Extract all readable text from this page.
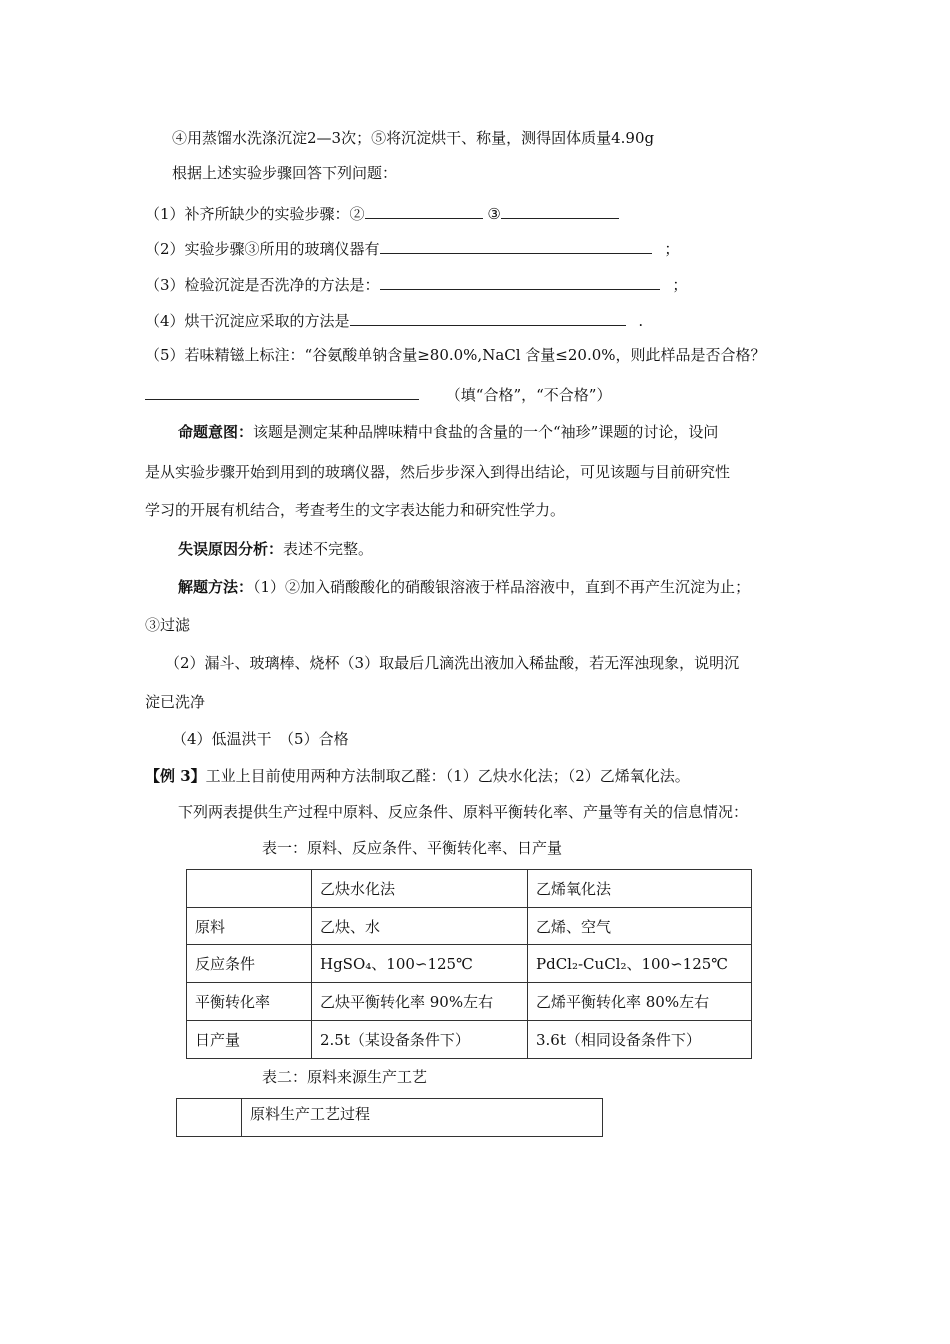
④用蒸馏水洗涤沉淀2—3次；⑤将沉淀烘干、称量，测得固体质量4.90g
根据上述实验步骤回答下列问题：
（1）补齐所缺少的实验步骤：②	③
（2）实验步骤③所用的玻璃仪器有	；
（3）检验沉淀是否洗净的方法是：	；
（4）烘干沉淀应采取的方法是	.
（5）若味精镃上标注：“谷氨酸单钠含量≥80.0%,NaCl 含量≤20.0%，则此样品是否合格？
（填“合格”，“不合格”）
命题意图：该题是测定某种品牌味精中食盐的含量的一个“袖珍”课题的讨论，设问
是从实验步骤开始到用到的玻璃仪器，然后步步深入到得出结论，可见该题与目前研究性
学习的开展有机结合，考查考生的文字表达能力和研究性学力。
失误原因分析：表述不完整。
解题方法：（1）②加入硝酸酸化的硝酸银溶液于样品溶液中，直到不再产生沉淀为止；
③过滤
（2）漏斗、玻璃棒、烧杯（3）取最后几滴洗出液加入稀盐酸，若无浑浊现象，说明沉
淀已洗净
（4）低温洪干　（5）合格
【例 3】工业上目前使用两种方法制取乙醛：（1）乙炔水化法；（2）乙烯氧化法。
下列两表提供生产过程中原料、反应条件、原料平衡转化率、产量等有关的信息情况：
表一：原料、反应条件、平衡转化率、日产量
	乙炔水化法	乙烯氧化法
原料	乙炔、水	乙烯、空气
反应条件	HgSO₄、100∽125℃	PdCl₂-CuCl₂、100∽125℃
平衡转化率	乙炔平衡转化率 90%左右	乙烯平衡转化率 80%左右
日产量	2.5t（某设备条件下）	3.6t（相同设备条件下）
表二：原料来源生产工艺
	原料生产工艺过程
